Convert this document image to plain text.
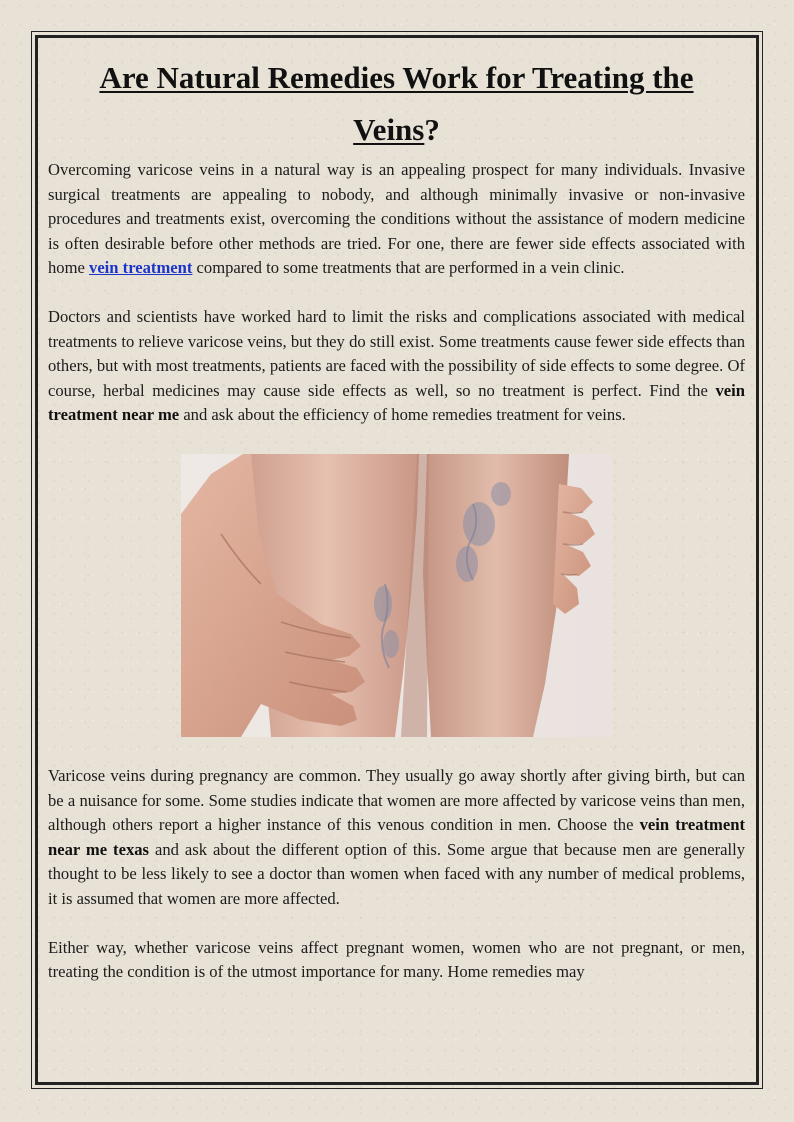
Are Natural Remedies Work for Treating the
Veins?

Overcoming varicose veins in a natural way is an appealing prospect for many individuals. Invasive surgical treatments are appealing to nobody, and although minimally invasive or non-invasive procedures and treatments exist, overcoming the conditions without the assistance of modern medicine is often desirable before other methods are tried. For one, there are fewer side effects associated with home vein treatment compared to some treatments that are performed in a vein clinic.

Doctors and scientists have worked hard to limit the risks and complications associated with medical treatments to relieve varicose veins, but they do still exist. Some treatments cause fewer side effects than others, but with most treatments, patients are faced with the possibility of side effects to some degree. Of course, herbal medicines may cause side effects as well, so no treatment is perfect. Find the vein treatment near me and ask about the efficiency of home remedies treatment for veins.

Varicose veins during pregnancy are common. They usually go away shortly after giving birth, but can be a nuisance for some. Some studies indicate that women are more affected by varicose veins than men, although others report a higher instance of this venous condition in men. Choose the vein treatment near me texas and ask about the different option of this. Some argue that because men are generally thought to be less likely to see a doctor than women when faced with any number of medical problems, it is assumed that women are more affected.

Either way, whether varicose veins affect pregnant women, women who are not pregnant, or men, treating the condition is of the utmost importance for many. Home remedies may
